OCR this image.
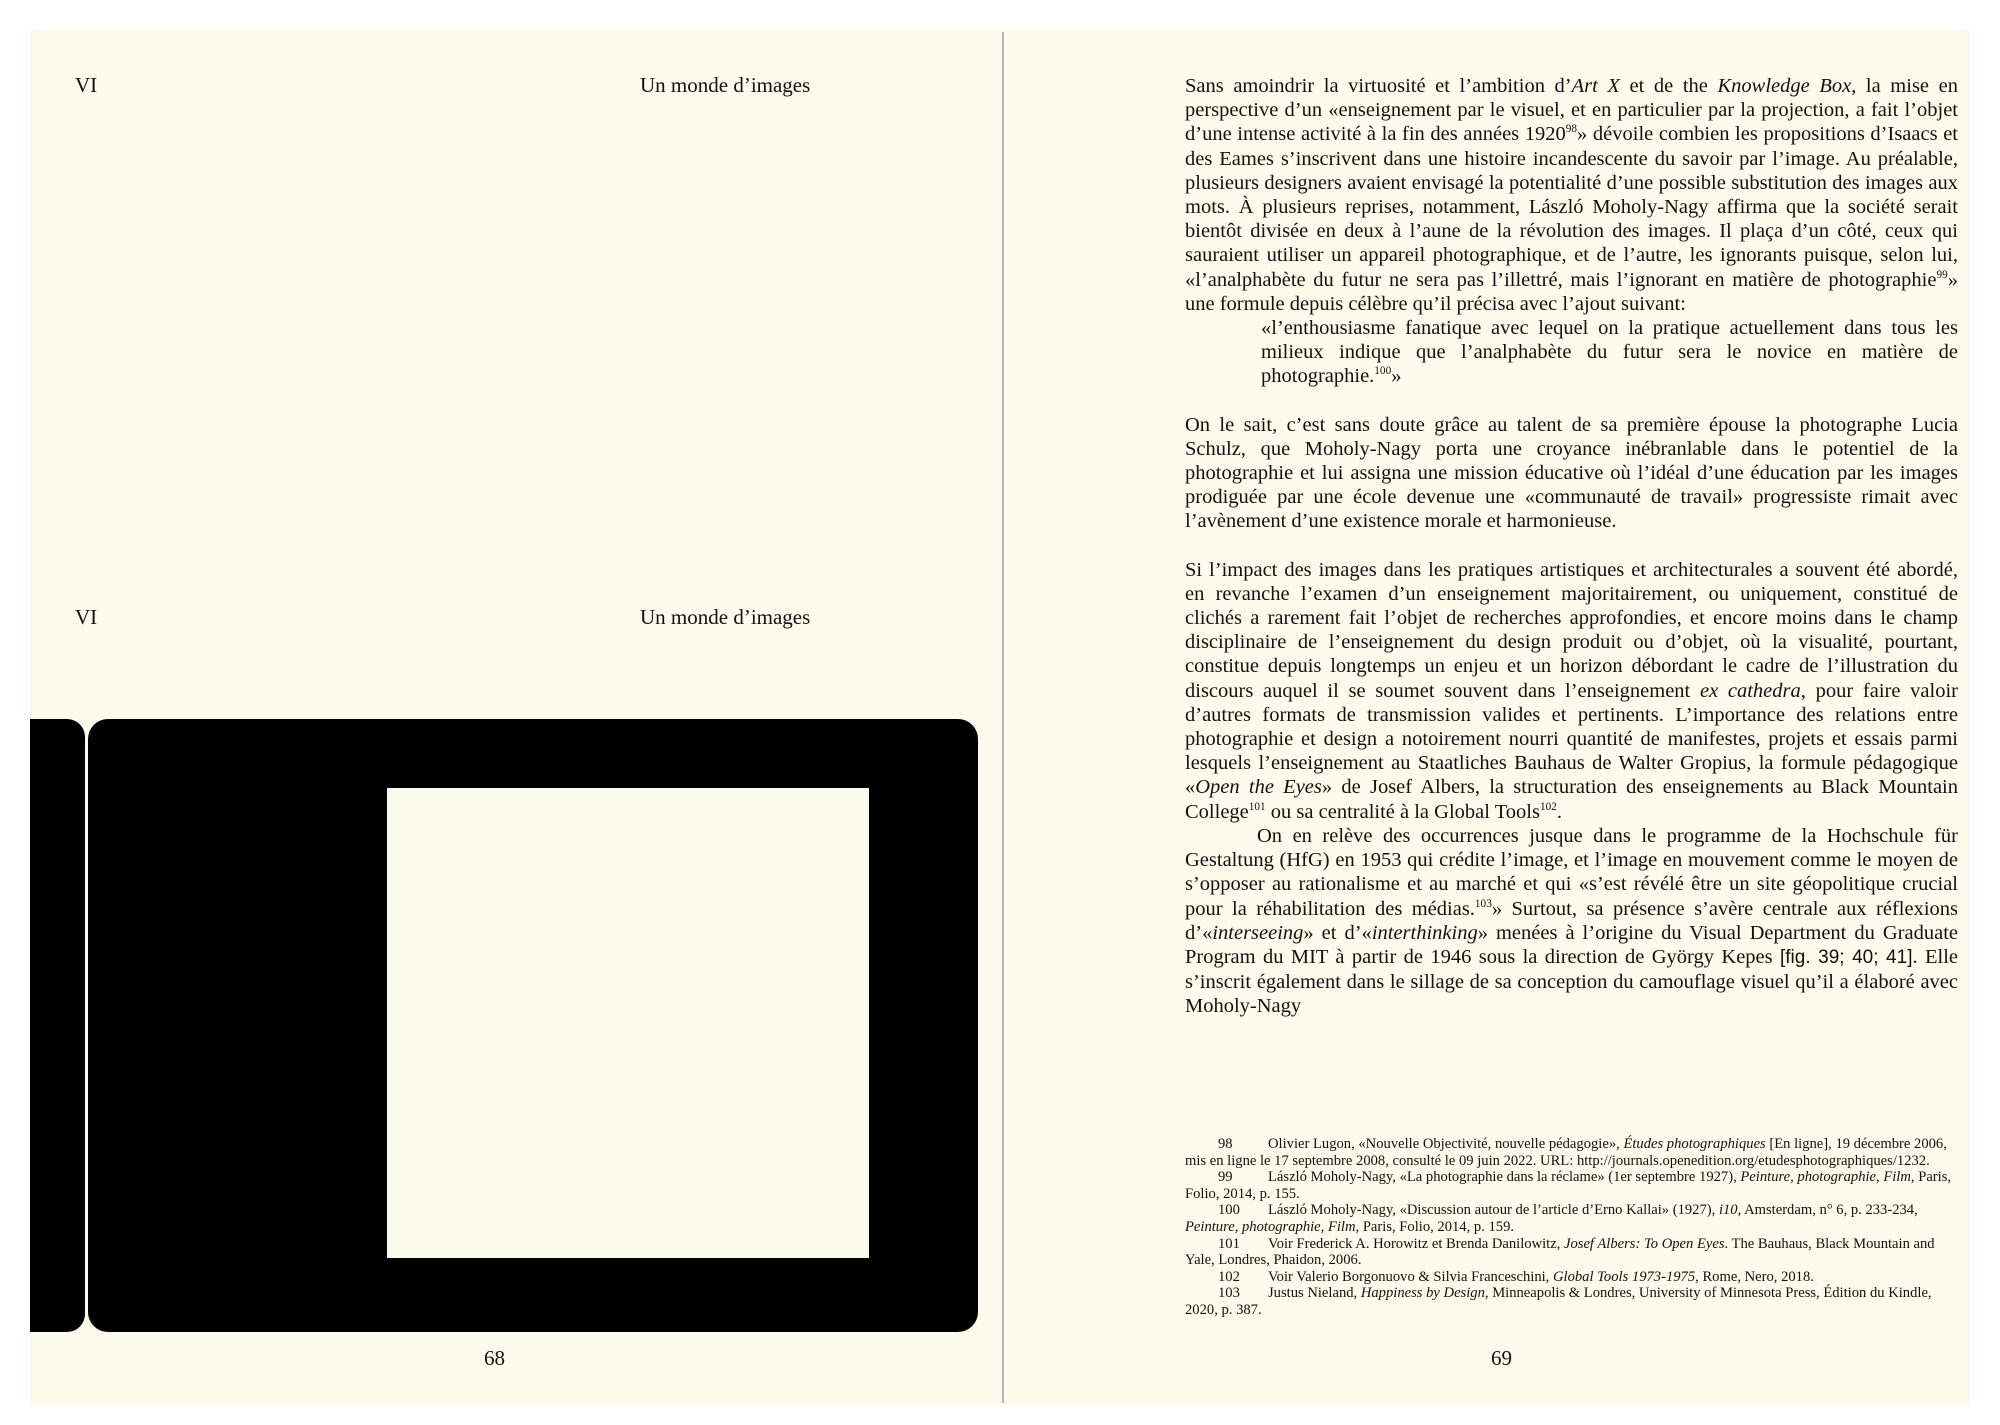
VI	Un monde d’images
VI	Un monde d’images
68

Sans amoindrir la virtuosité et l’ambition d’Art X et de the Knowledge Box, la mise en perspective d’un «enseignement par le visuel, et en particulier par la projection, a fait l’objet d’une intense activité à la fin des années 1920$^{98}$» dévoile combien les propositions d’Isaacs et des Eames s’inscrivent dans une histoire incandescente du savoir par l’image. Au préalable, plusieurs designers avaient envisagé la potentialité d’une possible substitution des images aux mots. À plusieurs reprises, notamment, László Moholy-Nagy affirma que la société serait bientôt divisée en deux à l’aune de la révolution des images. Il plaça d’un côté, ceux qui sauraient utiliser un appareil photographique, et de l’autre, les ignorants puisque, selon lui, «l’analphabète du futur ne sera pas l’illettré, mais l’ignorant en matière de photographie$^{99}$» une formule depuis célèbre qu’il précisa avec l’ajout suivant:

«l’enthousiasme fanatique avec lequel on la pratique actuellement dans tous les milieux indique que l’analphabète du futur sera le novice en matière de photographie.$^{100}$»

On le sait, c’est sans doute grâce au talent de sa première épouse la photographe Lucia Schulz, que Moholy-Nagy porta une croyance inébranlable dans le potentiel de la photographie et lui assigna une mission éducative où l’idéal d’une éducation par les images prodiguée par une école devenue une «communauté de travail» progressiste rimait avec l’avènement d’une existence morale et harmonieuse.

Si l’impact des images dans les pratiques artistiques et architecturales a souvent été abordé, en revanche l’examen d’un enseignement majoritairement, ou uniquement, constitué de clichés a rarement fait l’objet de recherches approfondies, et encore moins dans le champ disciplinaire de l’enseignement du design produit ou d’objet, où la visualité, pourtant, constitue depuis longtemps un enjeu et un horizon débordant le cadre de l’illustration du discours auquel il se soumet souvent dans l’enseignement ex cathedra, pour faire valoir d’autres formats de transmission valides et pertinents. L’importance des relations entre photographie et design a notoirement nourri quantité de manifestes, projets et essais parmi lesquels l’enseignement au Staatliches Bauhaus de Walter Gropius, la formule pédagogique «Open the Eyes» de Josef Albers, la structuration des enseignements au Black Mountain College$^{101}$ ou sa centralité à la Global Tools$^{102}$.

On en relève des occurrences jusque dans le programme de la Hochschule für Gestaltung (HfG) en 1953 qui crédite l’image, et l’image en mouvement comme le moyen de s’opposer au rationalisme et au marché et qui «s’est révélé être un site géopolitique crucial pour la réhabilitation des médias.$^{103}$» Surtout, sa présence s’avère centrale aux réflexions d’«interseeing» et d’«interthinking» menées à l’origine du Visual Department du Graduate Program du MIT à partir de 1946 sous la direction de György Kepes [fig. 39; 40; 41]. Elle s’inscrit également dans le sillage de sa conception du camouflage visuel qu’il a élaboré avec Moholy-Nagy

98 Olivier Lugon, «Nouvelle Objectivité, nouvelle pédagogie», Études photographiques [En ligne], 19 décembre 2006, mis en ligne le 17 septembre 2008, consulté le 09 juin 2022. URL: http://journals.openedition.org/etudesphotographiques/1232.

99 László Moholy-Nagy, «La photographie dans la réclame» (1er septembre 1927), Peinture, photographie, Film, Paris, Folio, 2014, p. 155.

100 László Moholy-Nagy, «Discussion autour de l’article d’Erno Kallai» (1927), i10, Amsterdam, n° 6, p. 233-234, Peinture, photographie, Film, Paris, Folio, 2014, p. 159.

101 Voir Frederick A. Horowitz et Brenda Danilowitz, Josef Albers: To Open Eyes. The Bauhaus, Black Mountain and Yale, Londres, Phaidon, 2006.

102 Voir Valerio Borgonuovo & Silvia Franceschini, Global Tools 1973-1975, Rome, Nero, 2018.

103 Justus Nieland, Happiness by Design, Minneapolis & Londres, University of Minnesota Press, Édition du Kindle, 2020, p. 387.

69
